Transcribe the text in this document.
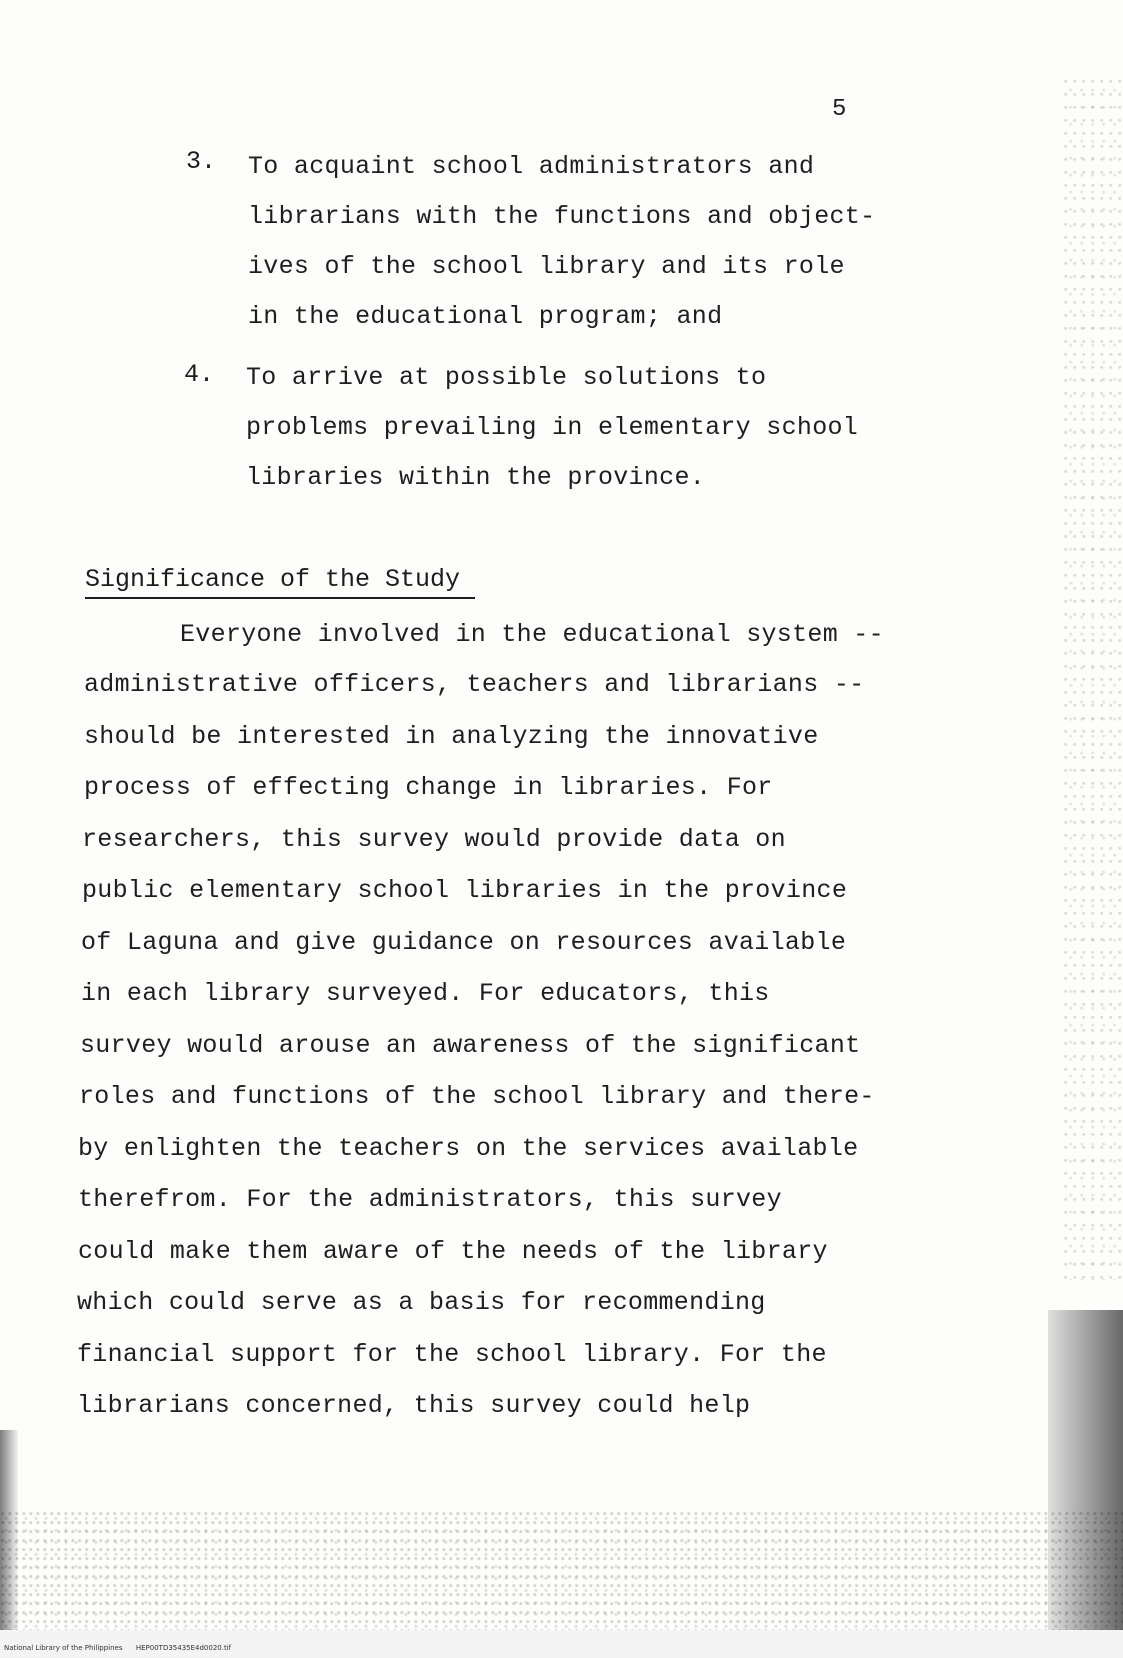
5

3. To acquaint school administrators and

librarians with the functions and object-

ives of the school library and its role

in the educational program; and

4. To arrive at possible solutions to

problems prevailing in elementary school

libraries within the province.

Significance of the Study

Everyone involved in the educational system --

administrative officers, teachers and librarians --

should be interested in analyzing the innovative

process of effecting change in libraries. For

researchers, this survey would provide data on

public elementary school libraries in the province

of Laguna and give guidance on resources available

in each library surveyed. For educators, this

survey would arouse an awareness of the significant

roles and functions of the school library and there-

by enlighten the teachers on the services available

therefrom. For the administrators, this survey

could make them aware of the needs of the library

which could serve as a basis for recommending

financial support for the school library. For the

librarians concerned, this survey could help

National Library of the Philippines HEP00TD35435E4d0020.tif
